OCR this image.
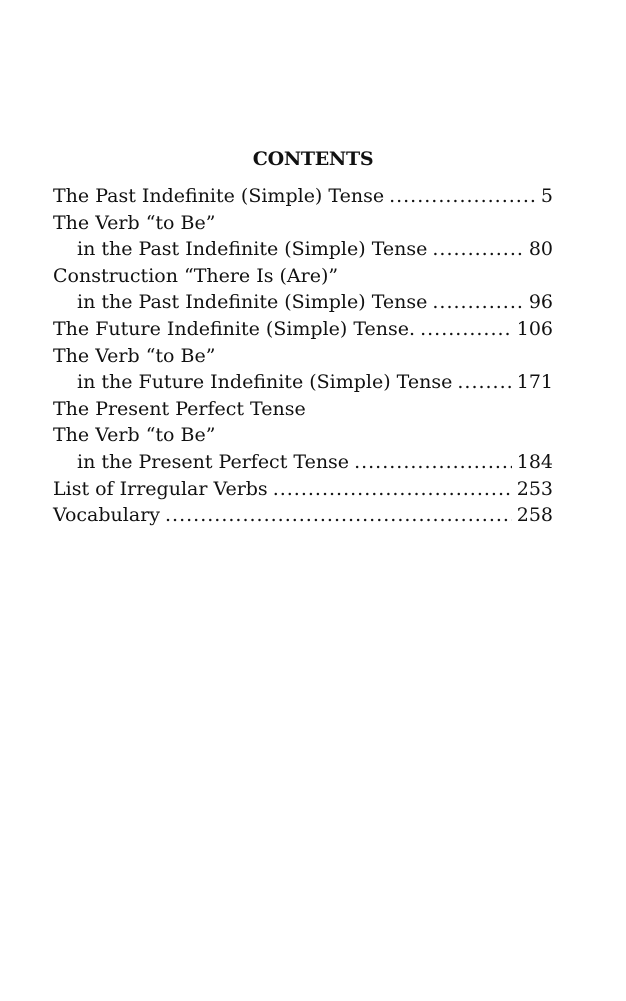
CONTENTS
The Past Indefinite (Simple) Tense .....	5
The Verb “to Be”
in the Past Indefinite (Simple) Tense .....	80
Construction “There Is (Are)”
in the Past Indefinite (Simple) Tense .....	96
The Future Indefinite (Simple) Tense. .....	106
The Verb “to Be”
in the Future Indefinite (Simple) Tense .....	171
The Present Perfect Tense
The Verb “to Be”
in the Present Perfect Tense .....	184
List of Irregular Verbs .....	253
Vocabulary .....	258
